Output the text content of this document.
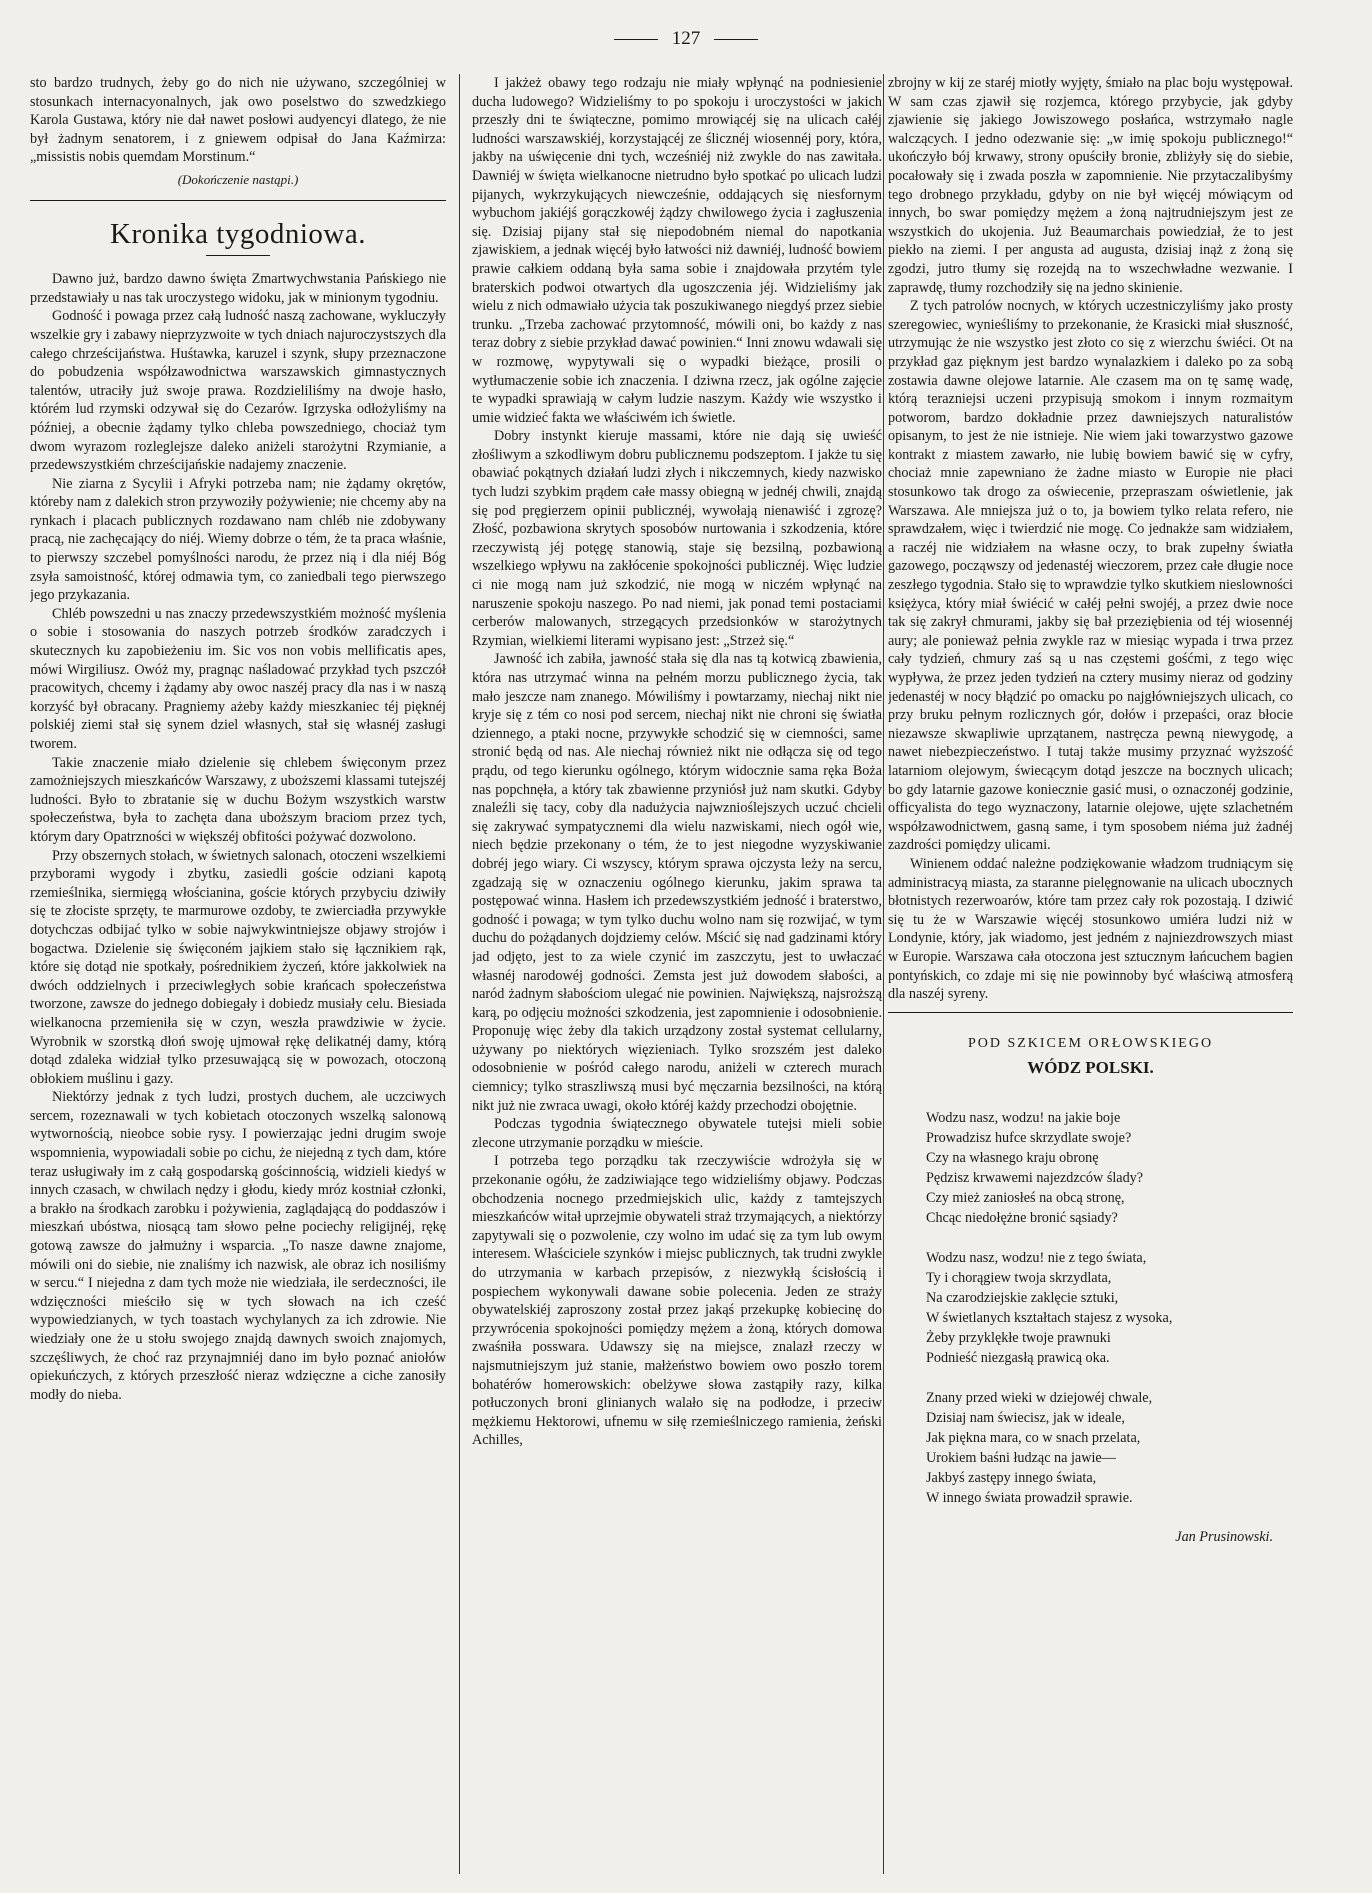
127

sto bardzo trudnych, żeby go do nich nie używano, szczególniej w stosunkach internacyonalnych, jak owo poselstwo do szwedzkiego Karola Gustawa, który nie dał nawet posłowi audyencyi dlatego, że nie był żadnym senatorem, i z gniewem odpisał do Jana Kaźmirza: „missistis nobis quemdam Morstinum.“

(Dokończenie nastąpi.)
Kronika tygodniowa.

Dawno już, bardzo dawno święta Zmartwychwstania Pańskiego nie przedstawiały u nas tak uroczystego widoku, jak w minionym tygodniu.

Godność i powaga przez całą ludność naszą zachowane, wykluczyły wszelkie gry i zabawy nieprzyzwoite w tych dniach najuroczystszych dla całego chrześcijaństwa. Huśtawka, karuzel i szynk, słupy przeznaczone do pobudzenia współzawodnictwa warszawskich gimnastycznych talentów, utraciły już swoje prawa. Rozdzieliliśmy na dwoje hasło, którém lud rzymski odzywał się do Cezarów. Igrzyska odłożyliśmy na później, a obecnie żądamy tylko chleba powszedniego, chociaż tym dwom wyrazom rozleglejsze daleko aniżeli starożytni Rzymianie, a przedewszystkiém chrześcijańskie nadajemy znaczenie.

Nie ziarna z Sycylii i Afryki potrzeba nam; nie żądamy okrętów, któreby nam z dalekich stron przywoziły pożywienie; nie chcemy aby na rynkach i placach publicznych rozdawano nam chléb nie zdobywany pracą, nie zachęcający do niéj. Wiemy dobrze o tém, że ta praca właśnie, to pierwszy szczebel pomyślności narodu, że przez nią i dla niéj Bóg zsyła samoistność, której odmawia tym, co zaniedbali tego pierwszego jego przykazania.

Chléb powszedni u nas znaczy przedewszystkiém możność myślenia o sobie i stosowania do naszych potrzeb środków zaradczych i skutecznych ku zapobieżeniu im. Sic vos non vobis mellificatis apes, mówi Wirgiliusz. Owóż my, pragnąc naśladować przykład tych pszczół pracowitych, chcemy i żądamy aby owoc naszéj pracy dla nas i w naszą korzyść był obracany. Pragniemy ażeby każdy mieszkaniec téj pięknéj polskiéj ziemi stał się synem dziel własnych, stał się własnéj zasługi tworem.

Takie znaczenie miało dzielenie się chlebem święconym przez zamożniejszych mieszkańców Warszawy, z uboższemi klassami tutejszéj ludności. Było to zbratanie się w duchu Bożym wszystkich warstw społeczeństwa, była to zachęta dana uboższym braciom przez tych, którym dary Opatrzności w większéj obfitości pożywać dozwolono.

Przy obszernych stołach, w świetnych salonach, otoczeni wszelkiemi przyborami wygody i zbytku, zasiedli goście odziani kapotą rzemieślnika, siermięgą włościanina, goście których przybyciu dziwiły się te złociste sprzęty, te marmurowe ozdoby, te zwierciadła przywykłe dotychczas odbijać tylko w sobie najwykwintniejsze objawy strojów i bogactwa. Dzielenie się święconém jajkiem stało się łącznikiem rąk, które się dotąd nie spotkały, pośrednikiem życzeń, które jakkolwiek na dwóch oddzielnych i przeciwległych sobie krańcach społeczeństwa tworzone, zawsze do jednego dobiegały i dobiedz musiały celu. Biesiada wielkanocna przemieniła się w czyn, weszła prawdziwie w życie. Wyrobnik w szorstką dłoń swoję ujmował rękę delikatnéj damy, którą dotąd zdaleka widział tylko przesuwającą się w powozach, otoczoną obłokiem muślinu i gazy.

Niektórzy jednak z tych ludzi, prostych duchem, ale uczciwych sercem, rozeznawali w tych kobietach otoczonych wszelką salonową wytwornością, nieobce sobie rysy. I powierzając jedni drugim swoje wspomnienia, wypowiadali sobie po cichu, że niejedną z tych dam, które teraz usługiwały im z całą gospodarską gościnnością, widzieli kiedyś w innych czasach, w chwilach nędzy i głodu, kiedy mróz kostniał członki, a brakło na środkach zarobku i pożywienia, zaglądającą do poddaszów i mieszkań ubóstwa, niosącą tam słowo pełne pociechy religijnéj, rękę gotową zawsze do jałmużny i wsparcia. „To nasze dawne znajome, mówili oni do siebie, nie znaliśmy ich nazwisk, ale obraz ich nosiliśmy w sercu.“ I niejedna z dam tych może nie wiedziała, ile serdeczności, ile wdzięczności mieściło się w tych słowach na ich cześć wypowiedzianych, w tych toastach wychylanych za ich zdrowie. Nie wiedziały one że u stołu swojego znajdą dawnych swoich znajomych, szczęśliwych, że choć raz przynajmniéj dano im było poznać aniołów opiekuńczych, z których przeszłość nieraz wdzięczne a ciche zanosiły modły do nieba.

I jakżeż obawy tego rodzaju nie miały wpłynąć na podniesienie ducha ludowego? Widzieliśmy to po spokoju i uroczystości w jakich przeszły dni te świąteczne, pomimo mrowiącéj się na ulicach całéj ludności warszawskiéj, korzystającéj ze ślicznéj wiosennéj pory, która, jakby na uświęcenie dni tych, wcześniéj niż zwykle do nas zawitała. Dawniéj w święta wielkanocne nietrudno było spotkać po ulicach ludzi pijanych, wykrzykujących niewcześnie, oddających się niesfornym wybuchom jakiéjś gorączkowéj żądzy chwilowego życia i zagłuszenia się. Dzisiaj pijany stał się niepodobném niemal do napotkania zjawiskiem, a jednak więcéj było łatwości niż dawniéj, ludność bowiem prawie całkiem oddaną była sama sobie i znajdowała przytém tyle braterskich podwoi otwartych dla ugoszczenia jéj. Widzieliśmy jak wielu z nich odmawiało użycia tak poszukiwanego niegdyś przez siebie trunku. „Trzeba zachować przytomność, mówili oni, bo każdy z nas teraz dobry z siebie przykład dawać powinien.“ Inni znowu wdawali się w rozmowę, wypytywali się o wypadki bieżące, prosili o wytłumaczenie sobie ich znaczenia. I dziwna rzecz, jak ogólne zajęcie te wypadki sprawiają w całym ludzie naszym. Każdy wie wszystko i umie widzieć fakta we właściwém ich świetle.

Dobry instynkt kieruje massami, które nie dają się uwieść złośliwym a szkodliwym dobru publicznemu podszeptom. I jakże tu się obawiać pokątnych działań ludzi złych i nikczemnych, kiedy nazwisko tych ludzi szybkim prądem całe massy obiegną w jednéj chwili, znajdą się pod pręgierzem opinii publicznéj, wywołają nienawiść i zgrozę? Złość, pozbawiona skrytych sposobów nurtowania i szkodzenia, które rzeczywistą jéj potęgę stanowią, staje się bezsilną, pozbawioną wszelkiego wpływu na zakłócenie spokojności publicznéj. Więc ludzie ci nie mogą nam już szkodzić, nie mogą w niczém wpłynąć na naruszenie spokoju naszego. Po nad niemi, jak ponad temi postaciami cerberów malowanych, strzegących przedsionków w starożytnych Rzymian, wielkiemi literami wypisano jest: „Strzeż się.“

Jawność ich zabiła, jawność stała się dla nas tą kotwicą zbawienia, która nas utrzymać winna na pełném morzu publicznego życia, tak mało jeszcze nam znanego. Mówiliśmy i powtarzamy, niechaj nikt nie kryje się z tém co nosi pod sercem, niechaj nikt nie chroni się światła dziennego, a ptaki nocne, przywykłe schodzić się w ciemności, same stronić będą od nas. Ale niechaj również nikt nie odłącza się od tego prądu, od tego kierunku ogólnego, którym widocznie sama ręka Boża nas popchnęła, a który tak zbawienne przyniósł już nam skutki. Gdyby znaleźli się tacy, coby dla nadużycia najwznioślejszych uczuć chcieli się zakrywać sympatycznemi dla wielu nazwiskami, niech ogół wie, niech będzie przekonany o tém, że to jest niegodne wyzyskiwanie dobréj jego wiary. Ci wszyscy, którym sprawa ojczysta leży na sercu, zgadzają się w oznaczeniu ogólnego kierunku, jakim sprawa ta postępować winna. Hasłem ich przedewszystkiém jedność i braterstwo, godność i powaga; w tym tylko duchu wolno nam się rozwijać, w tym duchu do pożądanych dojdziemy celów. Mścić się nad gadzinami który jad odjęto, jest to za wiele czynić im zaszczytu, jest to uwłaczać własnéj narodowéj godności. Zemsta jest już dowodem słabości, a naród żadnym słabościom ulegać nie powinien. Największą, najsroższą karą, po odjęciu możności szkodzenia, jest zapomnienie i odosobnienie. Proponuję więc żeby dla takich urządzony został systemat cellularny, używany po niektórych więzieniach. Tylko srozszém jest daleko odosobnienie w pośród całego narodu, aniżeli w czterech murach ciemnicy; tylko straszliwszą musi być męczarnia bezsilności, na którą nikt już nie zwraca uwagi, około któréj każdy przechodzi obojętnie.

Podczas tygodnia świątecznego obywatele tutejsi mieli sobie zlecone utrzymanie porządku w mieście.

I potrzeba tego porządku tak rzeczywiście wdrożyła się w przekonanie ogółu, że zadziwiające tego widzieliśmy objawy. Podczas obchodzenia nocnego przedmiejskich ulic, każdy z tamtejszych mieszkańców witał uprzejmie obywateli straż trzymających, a niektórzy zapytywali się o pozwolenie, czy wolno im udać się za tym lub owym interesem. Właściciele szynków i miejsc publicznych, tak trudni zwykle do utrzymania w karbach przepisów, z niezwykłą ścisłością i pospiechem wykonywali dawane sobie polecenia. Jeden ze straży obywatelskiéj zaproszony został przez jakąś przekupkę kobiecinę do przywrócenia spokojności pomiędzy mężem a żoną, których domowa zwaśniła posswara. Udawszy się na miejsce, znalazł rzeczy w najsmutniejszym już stanie, małżeństwo bowiem owo poszło torem bohatérów homerowskich: obelżywe słowa zastąpiły razy, kilka potłuczonych broni glinianych walało się na podłodze, i przeciw mężkiemu Hektorowi, ufnemu w siłę rzemieślniczego ramienia, żeński Achilles,

zbrojny w kij ze staréj miotły wyjęty, śmiało na plac boju występował. W sam czas zjawił się rozjemca, którego przybycie, jak gdyby zjawienie się jakiego Jowiszowego posłańca, wstrzymało nagle walczących. I jedno odezwanie się: „w imię spokoju publicznego!“ ukończyło bój krwawy, strony opuściły bronie, zbliżyły się do siebie, pocałowały się i zwada poszła w zapomnienie. Nie przytaczalibyśmy tego drobnego przykładu, gdyby on nie był więcéj mówiącym od innych, bo swar pomiędzy mężem a żoną najtrudniejszym jest ze wszystkich do ukojenia. Już Beaumarchais powiedział, że to jest piekło na ziemi. I per angusta ad augusta, dzisiaj inąż z żoną się zgodzi, jutro tłumy się rozejdą na to wszechwładne wezwanie. I zaprawdę, tłumy rozchodziły się na jedno skinienie.

Z tych patrolów nocnych, w których uczestniczyliśmy jako prosty szeregowiec, wynieśliśmy to przekonanie, że Krasicki miał słuszność, utrzymując że nie wszystko jest złoto co się z wierzchu świéci. Ot na przykład gaz pięknym jest bardzo wynalazkiem i daleko po za sobą zostawia dawne olejowe latarnie. Ale czasem ma on tę samę wadę, którą terazniejsi uczeni przypisują smokom i innym rozmaitym potworom, bardzo dokładnie przez dawniejszych naturalistów opisanym, to jest że nie istnieje. Nie wiem jaki towarzystwo gazowe kontrakt z miastem zawarło, nie lubię bowiem bawić się w cyfry, chociaż mnie zapewniano że żadne miasto w Europie nie płaci stosunkowo tak drogo za oświecenie, przepraszam oświetlenie, jak Warszawa. Ale mniejsza już o to, ja bowiem tylko relata refero, nie sprawdzałem, więc i twierdzić nie mogę. Co jednakże sam widziałem, a raczéj nie widziałem na własne oczy, to brak zupełny światła gazowego, począwszy od jedenastéj wieczorem, przez całe długie noce zeszłego tygodnia. Stało się to wprawdzie tylko skutkiem nieslowności księżyca, który miał świécić w całéj pełni swojéj, a przez dwie noce tak się zakrył chmurami, jakby się bał przeziębienia od téj wiosennéj aury; ale ponieważ pełnia zwykle raz w miesiąc wypada i trwa przez cały tydzień, chmury zaś są u nas częstemi gośćmi, z tego więc wypływa, że przez jeden tydzień na cztery musimy nieraz od godziny jedenastéj w nocy błądzić po omacku po najgłówniejszych ulicach, co przy bruku pełnym rozlicznych gór, dołów i przepaści, oraz błocie niezawsze skwapliwie uprzątanem, nastręcza pewną niewygodę, a nawet niebezpieczeństwo. I tutaj także musimy przyznać wyższość latarniom olejowym, świecącym dotąd jeszcze na bocznych ulicach; bo gdy latarnie gazowe koniecznie gasić musi, o oznaczonéj godzinie, officyalista do tego wyznaczony, latarnie olejowe, ujęte szlachetném współzawodnictwem, gasną same, i tym sposobem niéma już żadnéj zazdrości pomiędzy ulicami.

Winienem oddać należne podziękowanie władzom trudniącym się administracyą miasta, za staranne pielęgnowanie na ulicach ubocznych błotnistych rezerwoarów, które tam przez cały rok pozostają. I dziwić się tu że w Warszawie więcéj stosunkowo umiéra ludzi niż w Londynie, który, jak wiadomo, jest jedném z najniezdrowszych miast w Europie. Warszawa cała otoczona jest sztucznym łańcuchem bagien pontyńskich, co zdaje mi się nie powinnoby być właściwą atmosferą dla naszéj syreny.

POD SZKICEM ORŁOWSKIEGO
WÓDZ POLSKI.
Wodzu nasz, wodzu! na jakie boje
Prowadzisz hufce skrzydlate swoje?
Czy na własnego kraju obronę
Pędzisz krwawemi najezdzców ślady?
Czy mież zaniosłeś na obcą stronę,
Chcąc niedołężne bronić sąsiady?
Wodzu nasz, wodzu! nie z tego świata,
Ty i chorągiew twoja skrzydlata,
Na czarodziejskie zaklęcie sztuki,
W świetlanych kształtach stajesz z wysoka,
Żeby przyklękłe twoje prawnuki
Podnieść niezgasłą prawicą oka.
Znany przed wieki w dziejowéj chwale,
Dzisiaj nam świecisz, jak w ideale,
Jak piękna mara, co w snach przelata,
Urokiem baśni łudząc na jawie—
Jakbyś zastępy innego świata,
W innego świata prowadził sprawie.
Jan Prusinowski.
